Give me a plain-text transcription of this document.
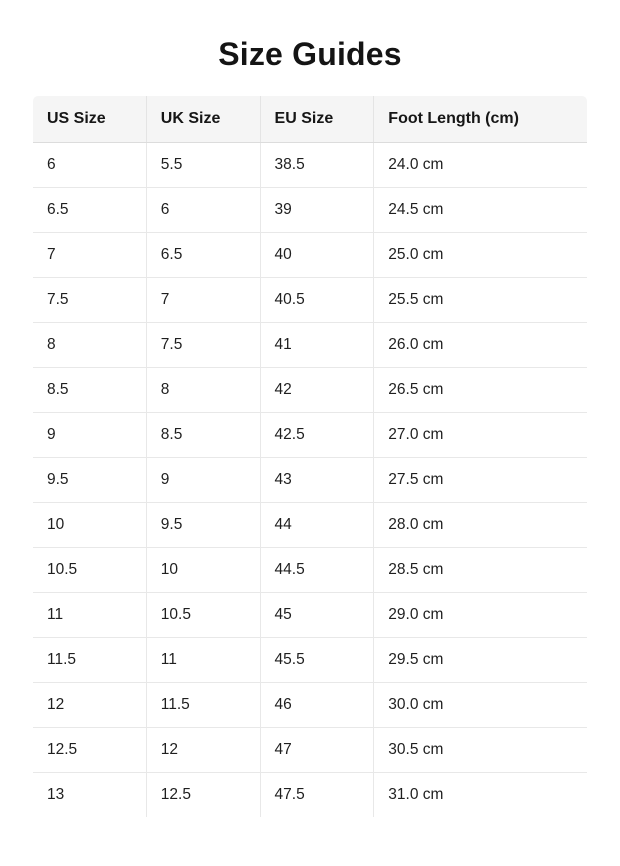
Size Guides
US Size	UK Size	EU Size	Foot Length (cm)
6	5.5	38.5	24.0 cm
6.5	6	39	24.5 cm
7	6.5	40	25.0 cm
7.5	7	40.5	25.5 cm
8	7.5	41	26.0 cm
8.5	8	42	26.5 cm
9	8.5	42.5	27.0 cm
9.5	9	43	27.5 cm
10	9.5	44	28.0 cm
10.5	10	44.5	28.5 cm
11	10.5	45	29.0 cm
11.5	11	45.5	29.5 cm
12	11.5	46	30.0 cm
12.5	12	47	30.5 cm
13	12.5	47.5	31.0 cm
